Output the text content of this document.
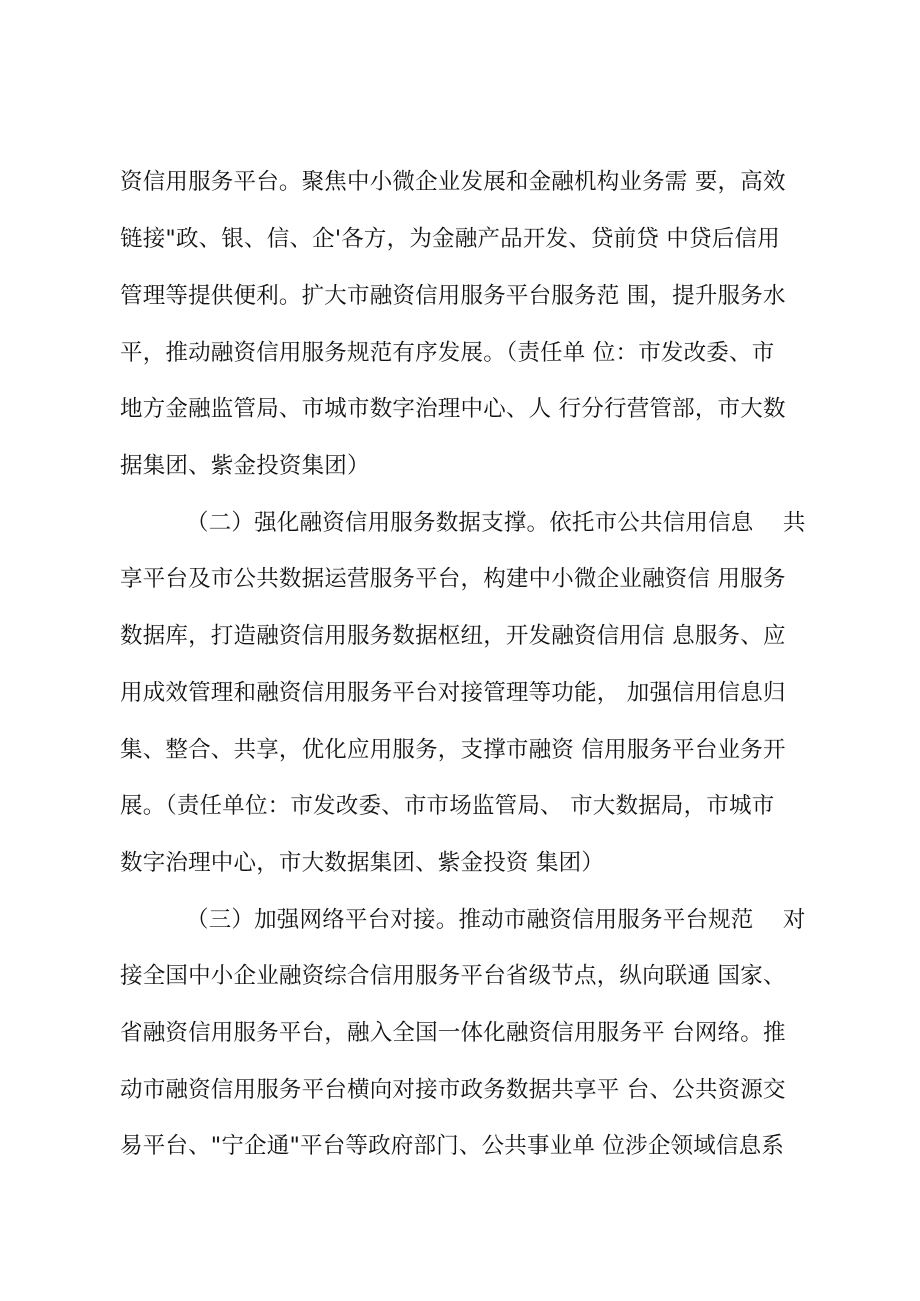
资信用服务平台。聚焦中小微企业发展和金融机构业务需 要，高效
链接"政、银、信、企'各方，为金融产品开发、贷前贷 中贷后信用
管理等提供便利。扩大市融资信用服务平台服务范 围，提升服务水
平，推动融资信用服务规范有序发展。（责任单 位：市发改委、市
地方金融监管局、市城市数字治理中心、人 行分行营管部，市大数
据集团、紫金投资集团）
（二）强化融资信用服务数据支撑。依托市公共信用信息    共
享平台及市公共数据运营服务平台，构建中小微企业融资信 用服务
数据库，打造融资信用服务数据枢纽，开发融资信用信 息服务、应
用成效管理和融资信用服务平台对接管理等功能， 加强信用信息归
集、整合、共享，优化应用服务，支撑市融资 信用服务平台业务开
展。（责任单位：市发改委、市市场监管局、 市大数据局，市城市
数字治理中心，市大数据集团、紫金投资 集团）
（三）加强网络平台对接。推动市融资信用服务平台规范    对
接全国中小企业融资综合信用服务平台省级节点，纵向联通 国家、
省融资信用服务平台，融入全国一体化融资信用服务平 台网络。推
动市融资信用服务平台横向对接市政务数据共享平 台、公共资源交
易平台、"宁企通"平台等政府部门、公共事业单 位涉企领域信息系
